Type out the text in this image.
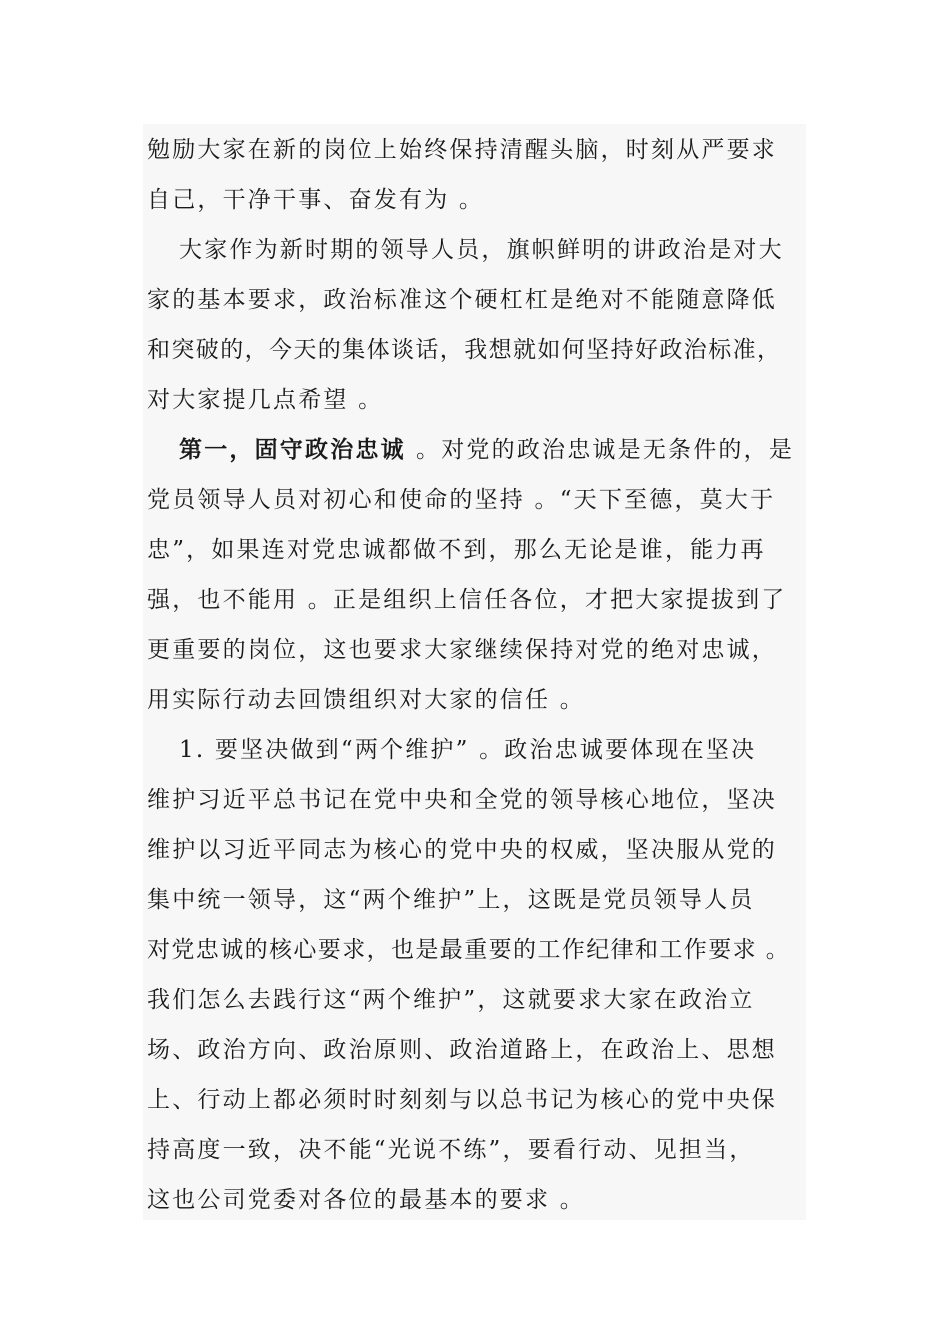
勉励大家在新的岗位上始终保持清醒头脑，时刻从严要求
自己，干净干事、奋发有为 。
大家作为新时期的领导人员，旗帜鲜明的讲政治是对大
家的基本要求，政治标准这个硬杠杠是绝对不能随意降低
和突破的，今天的集体谈话，我想就如何坚持好政治标准，
对大家提几点希望 。
第一，固守政治忠诚 。对党的政治忠诚是无条件的，是
党员领导人员对初心和使命的坚持 。“天下至德，莫大于
忠”，如果连对党忠诚都做不到，那么无论是谁，能力再
强，也不能用 。正是组织上信任各位，才把大家提拔到了
更重要的岗位，这也要求大家继续保持对党的绝对忠诚，
用实际行动去回馈组织对大家的信任 。
1. 要坚决做到“两个维护” 。政治忠诚要体现在坚决
维护习近平总书记在党中央和全党的领导核心地位，坚决
维护以习近平同志为核心的党中央的权威，坚决服从党的
集中统一领导，这“两个维护”上，这既是党员领导人员
对党忠诚的核心要求，也是最重要的工作纪律和工作要求 。
我们怎么去践行这“两个维护”，这就要求大家在政治立
场、政治方向、政治原则、政治道路上，在政治上、思想
上、行动上都必须时时刻刻与以总书记为核心的党中央保
持高度一致，决不能“光说不练”，要看行动、见担当，
这也公司党委对各位的最基本的要求 。
